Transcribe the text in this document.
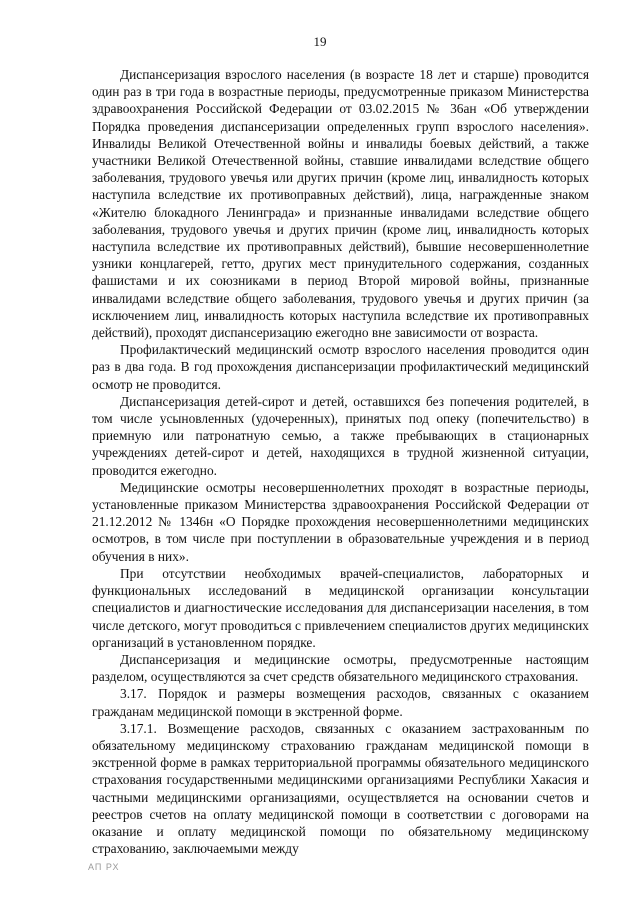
19

Диспансеризация взрослого населения (в возрасте 18 лет и старше) проводится один раз в три года в возрастные периоды, предусмотренные приказом Министерства здравоохранения Российской Федерации от 03.02.2015 № 36ан «Об утверждении Порядка проведения диспансеризации определенных групп взрослого населения». Инвалиды Великой Отечественной войны и инвалиды боевых действий, а также участники Великой Отечественной войны, ставшие инвалидами вследствие общего заболевания, трудового увечья или других причин (кроме лиц, инвалидность которых наступила вследствие их противоправных действий), лица, награжденные знаком «Жителю блокадного Ленинграда» и признанные инвалидами вследствие общего заболевания, трудового увечья и других причин (кроме лиц, инвалидность которых наступила вследствие их противоправных действий), бывшие несовершеннолетние узники концлагерей, гетто, других мест принудительного содержания, созданных фашистами и их союзниками в период Второй мировой войны, признанные инвалидами вследствие общего заболевания, трудового увечья и других причин (за исключением лиц, инвалидность которых наступила вследствие их противоправных действий), проходят диспансеризацию ежегодно вне зависимости от возраста.

Профилактический медицинский осмотр взрослого населения проводится один раз в два года. В год прохождения диспансеризации профилактический медицинский осмотр не проводится.

Диспансеризация детей-сирот и детей, оставшихся без попечения родителей, в том числе усыновленных (удочеренных), принятых под опеку (попечительство) в приемную или патронатную семью, а также пребывающих в стационарных учреждениях детей-сирот и детей, находящихся в трудной жизненной ситуации, проводится ежегодно.

Медицинские осмотры несовершеннолетних проходят в возрастные периоды, установленные приказом Министерства здравоохранения Российской Федерации от 21.12.2012 № 1346н «О Порядке прохождения несовершеннолетними медицинских осмотров, в том числе при поступлении в образовательные учреждения и в период обучения в них».

При отсутствии необходимых врачей-специалистов, лабораторных и функциональных исследований в медицинской организации консультации специалистов и диагностические исследования для диспансеризации населения, в том числе детского, могут проводиться с привлечением специалистов других медицинских организаций в установленном порядке.

Диспансеризация и медицинские осмотры, предусмотренные настоящим разделом, осуществляются за счет средств обязательного медицинского страхования.

3.17. Порядок и размеры возмещения расходов, связанных с оказанием гражданам медицинской помощи в экстренной форме.

3.17.1. Возмещение расходов, связанных с оказанием застрахованным по обязательному медицинскому страхованию гражданам медицинской помощи в экстренной форме в рамках территориальной программы обязательного медицинского страхования государственными медицинскими организациями Республики Хакасия и частными медицинскими организациями, осуществляется на основании счетов и реестров счетов на оплату медицинской помощи в соответствии с договорами на оказание и оплату медицинской помощи по обязательному медицинскому страхованию, заключаемыми между

АП РХ
